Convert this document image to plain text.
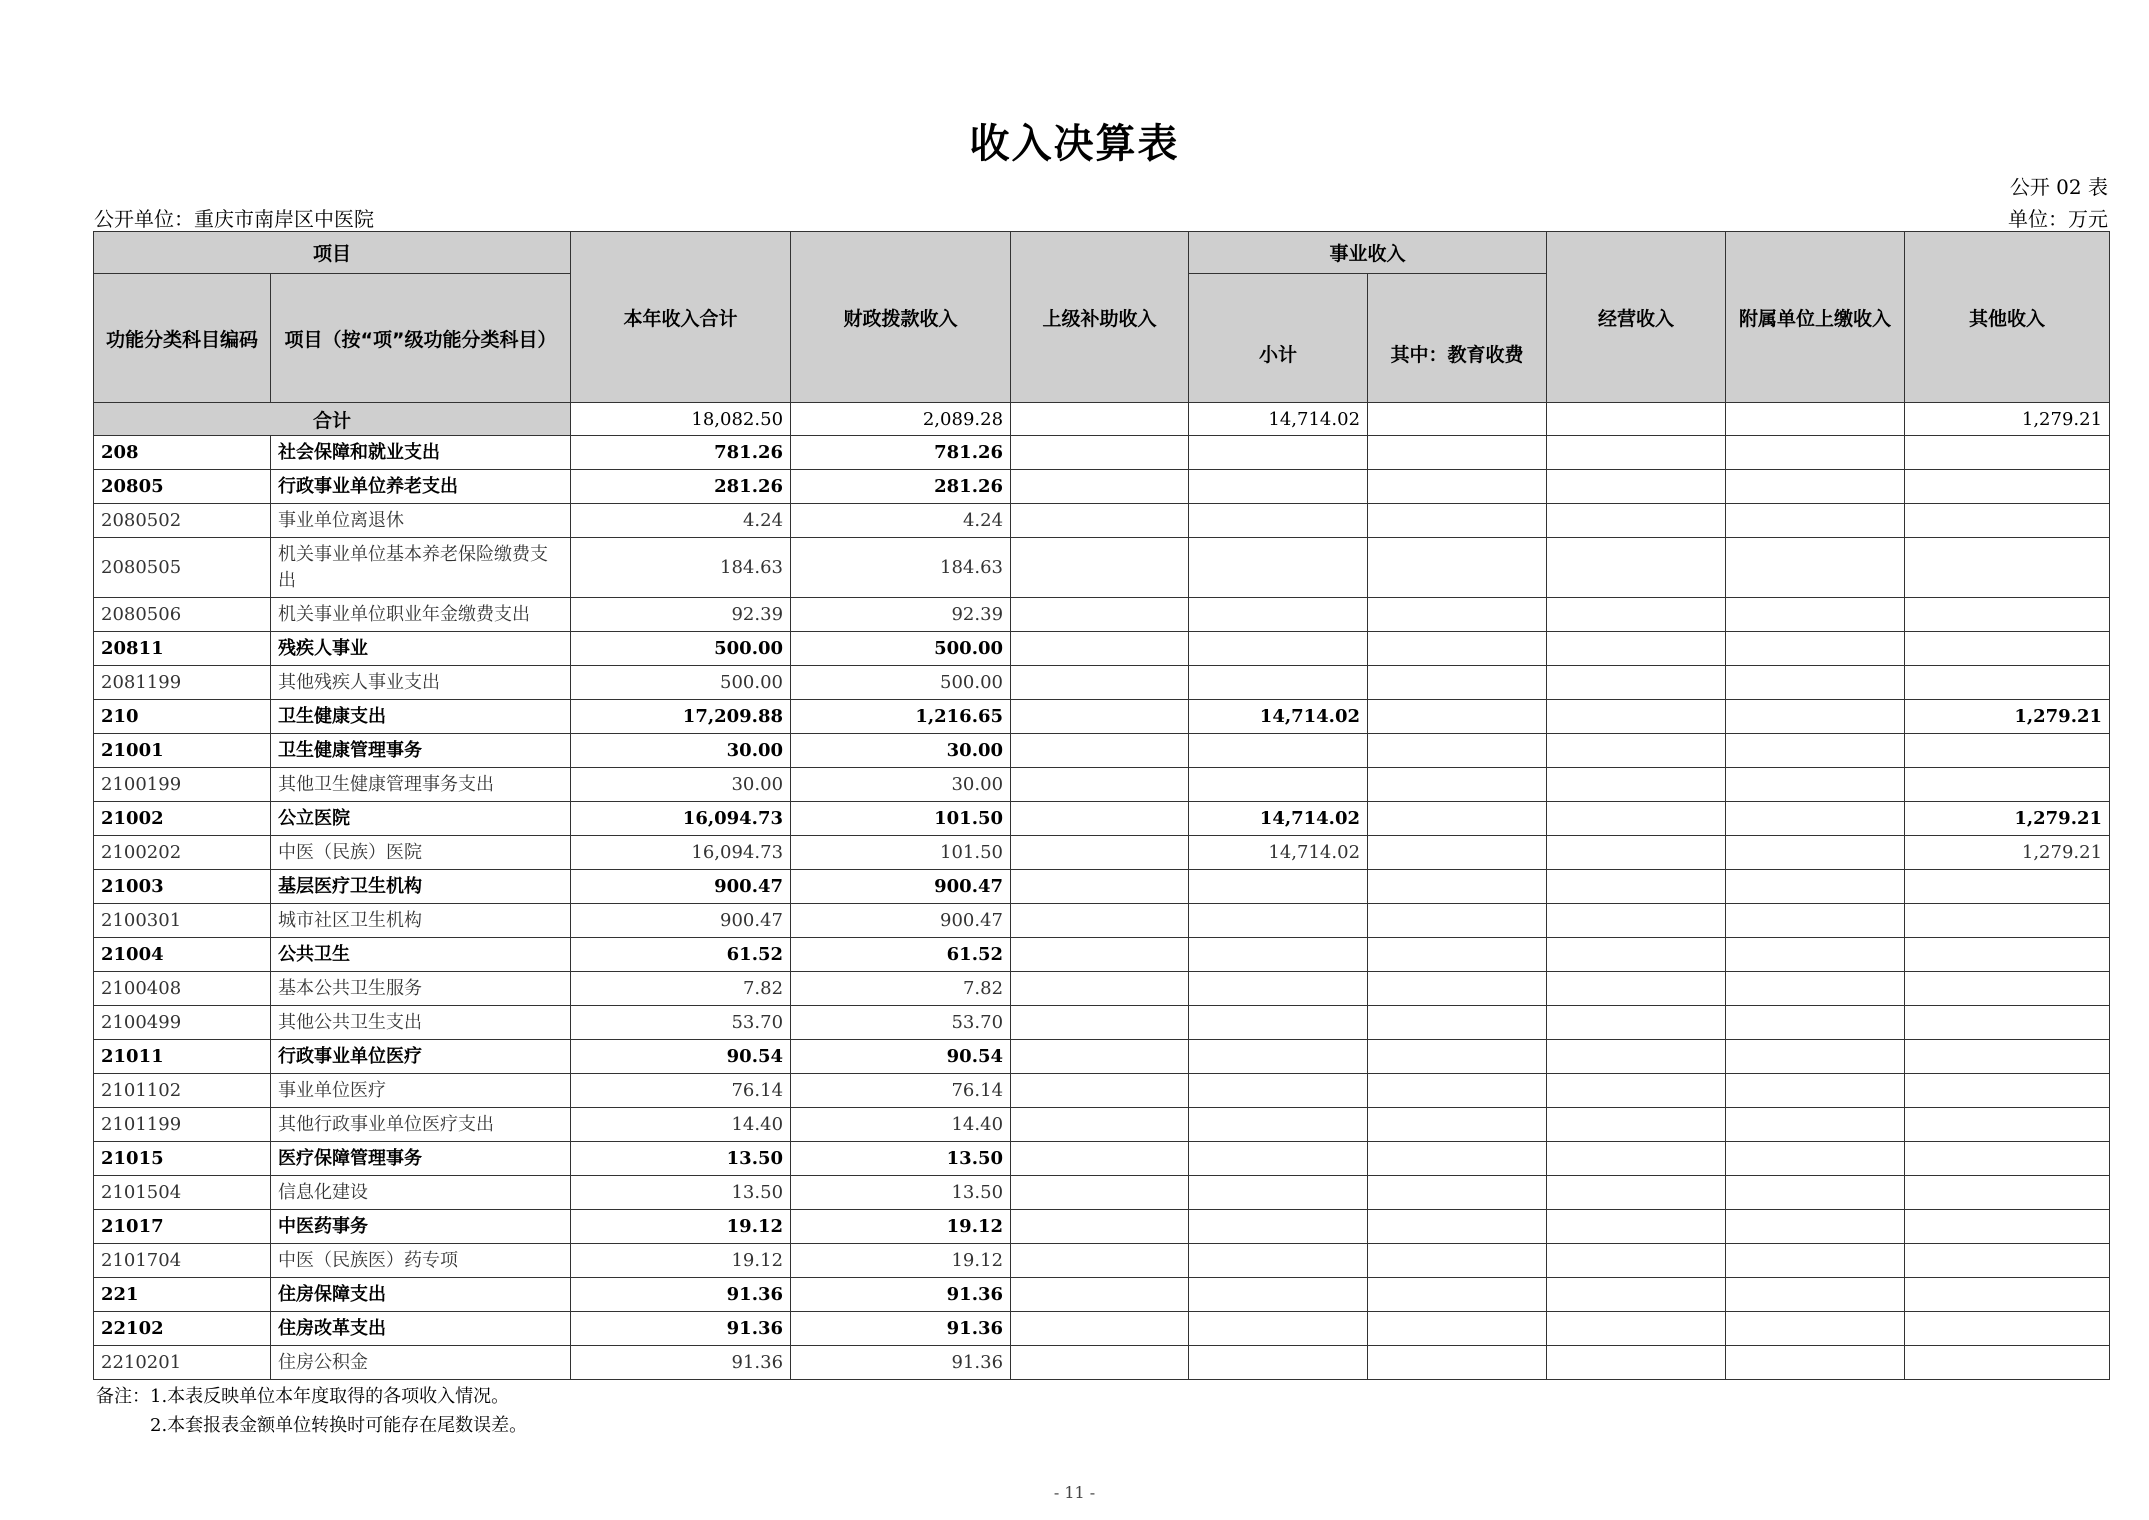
收入决算表
公开 02 表
公开单位：重庆市南岸区中医院	单位：万元
项目		本年收入合计	财政拨款收入	上级补助收入	事业收入		经营收入	附属单位上缴收入	其他收入
功能分类科目编码	项目（按“项”级功能分类科目）				小计	其中：教育收费			
合计		18,082.50	2,089.28		14,714.02				1,279.21
208	社会保障和就业支出	781.26	781.26						
20805	行政事业单位养老支出	281.26	281.26						
2080502	事业单位离退休	4.24	4.24						
2080505	机关事业单位基本养老保险缴费支出	184.63	184.63						
2080506	机关事业单位职业年金缴费支出	92.39	92.39						
20811	残疾人事业	500.00	500.00						
2081199	其他残疾人事业支出	500.00	500.00						
210	卫生健康支出	17,209.88	1,216.65		14,714.02				1,279.21
21001	卫生健康管理事务	30.00	30.00						
2100199	其他卫生健康管理事务支出	30.00	30.00						
21002	公立医院	16,094.73	101.50		14,714.02				1,279.21
2100202	中医（民族）医院	16,094.73	101.50		14,714.02				1,279.21
21003	基层医疗卫生机构	900.47	900.47						
2100301	城市社区卫生机构	900.47	900.47						
21004	公共卫生	61.52	61.52						
2100408	基本公共卫生服务	7.82	7.82						
2100499	其他公共卫生支出	53.70	53.70						
21011	行政事业单位医疗	90.54	90.54						
2101102	事业单位医疗	76.14	76.14						
2101199	其他行政事业单位医疗支出	14.40	14.40						
21015	医疗保障管理事务	13.50	13.50						
2101504	信息化建设	13.50	13.50						
21017	中医药事务	19.12	19.12						
2101704	中医（民族医）药专项	19.12	19.12						
221	住房保障支出	91.36	91.36						
22102	住房改革支出	91.36	91.36						
2210201	住房公积金	91.36	91.36						
备注：1.本表反映单位本年度取得的各项收入情况。
2.本套报表金额单位转换时可能存在尾数误差。
- 11 -
